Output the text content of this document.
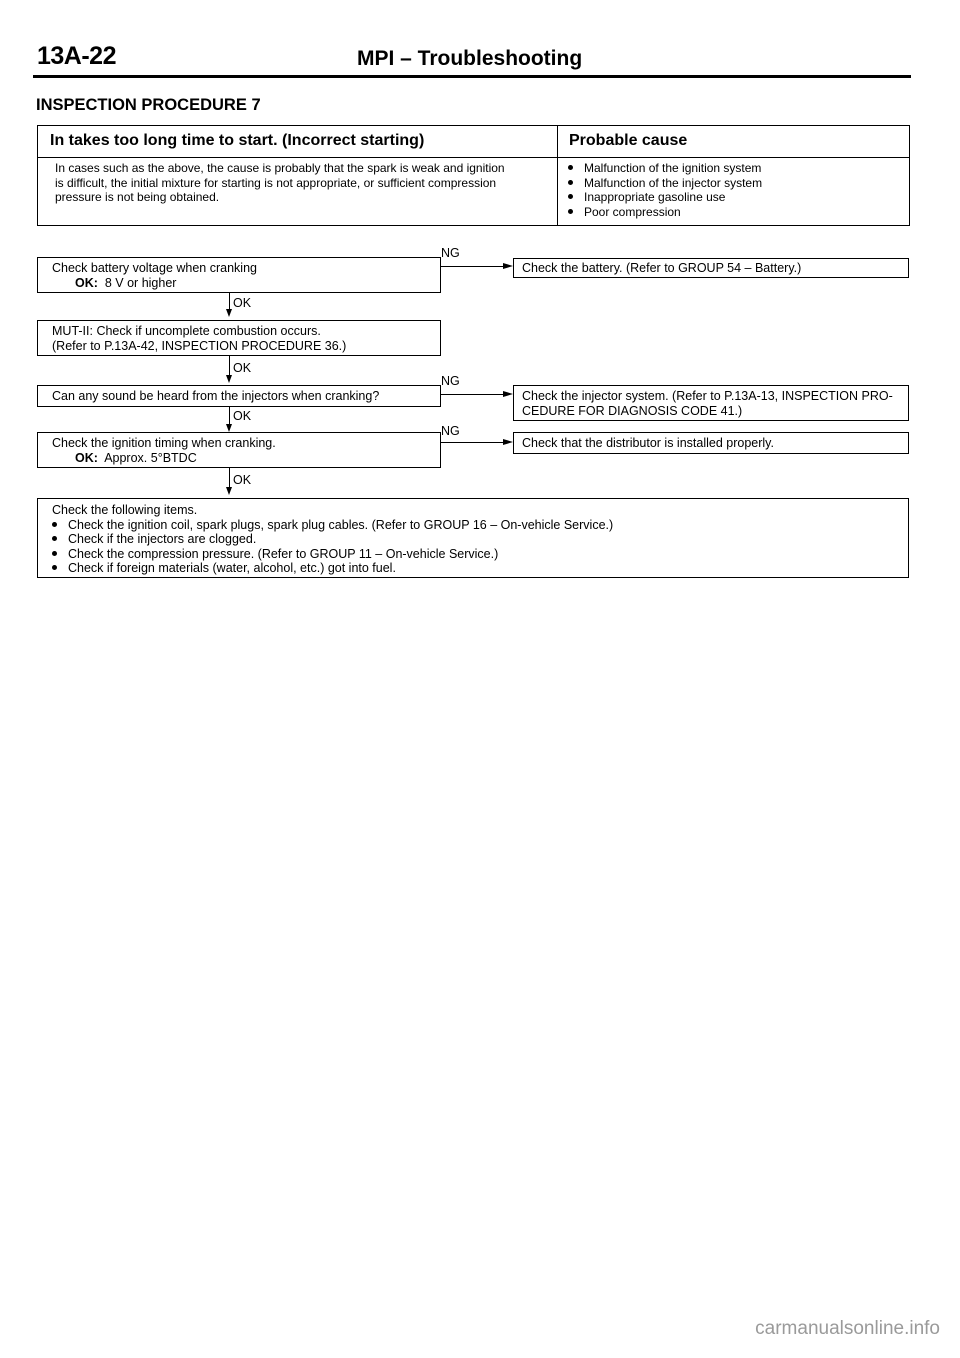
13A-22	MPI – Troubleshooting
INSPECTION PROCEDURE 7
In takes too long time to start. (Incorrect starting)	Probable cause
In cases such as the above, the cause is probably that the spark is weak and ignition
is difficult, the initial mixture for starting is not appropriate, or sufficient compression
pressure is not being obtained.
Malfunction of the ignition system
Malfunction of the injector system
Inappropriate gasoline use
Poor compression
Check battery voltage when cranking
OK: 8 V or higher
NG
Check the battery. (Refer to GROUP 54 – Battery.)
OK
MUT-II: Check if uncomplete combustion occurs.
(Refer to P.13A-42, INSPECTION PROCEDURE 36.)
OK
Can any sound be heard from the injectors when cranking?
NG
Check the injector system. (Refer to P.13A-13, INSPECTION PRO-
CEDURE FOR DIAGNOSIS CODE 41.)
OK
Check the ignition timing when cranking.
OK: Approx. 5°BTDC
NG
Check that the distributor is installed properly.
OK
Check the following items.
Check the ignition coil, spark plugs, spark plug cables. (Refer to GROUP 16 – On-vehicle Service.)
Check if the injectors are clogged.
Check the compression pressure. (Refer to GROUP 11 – On-vehicle Service.)
Check if foreign materials (water, alcohol, etc.) got into fuel.
carmanualsonline.info
